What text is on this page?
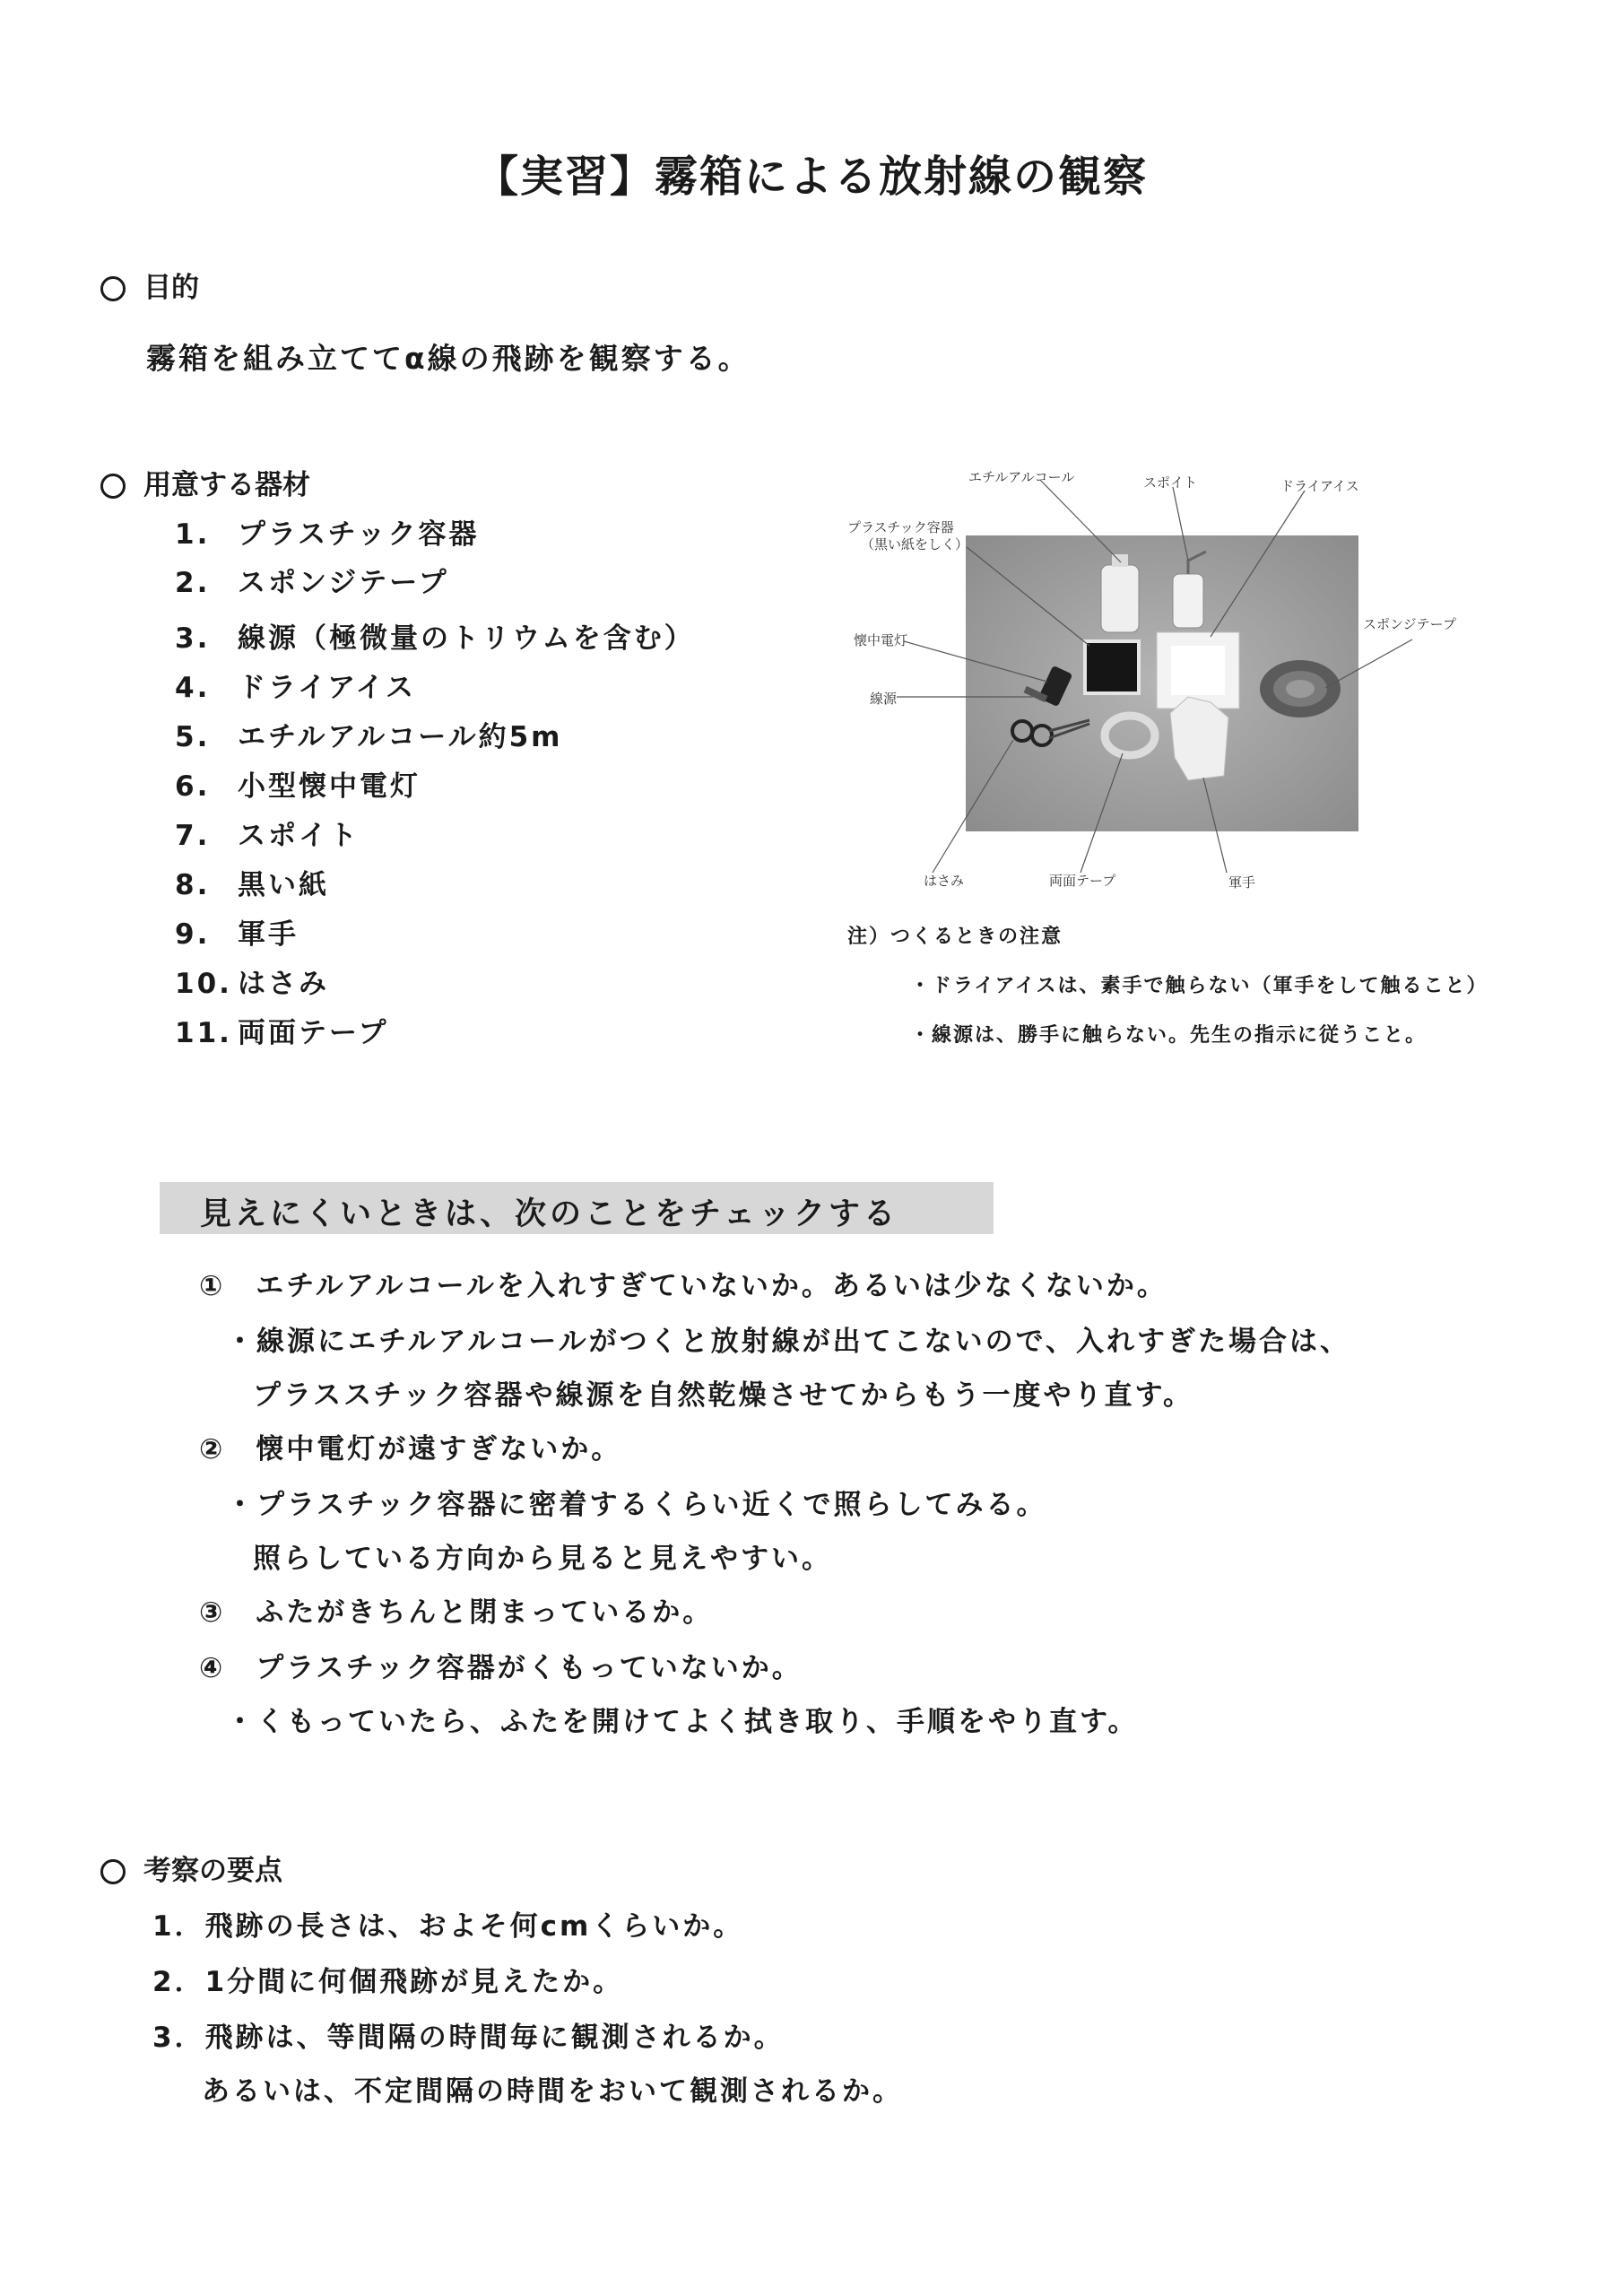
【実習】霧箱による放射線の観察
目的
霧箱を組み立ててα線の飛跡を観察する。
用意する器材
1. プラスチック容器
2. スポンジテープ
3. 線源（極微量のトリウムを含む）
4. ドライアイス
5. エチルアルコール約5m
6. 小型懐中電灯
7. スポイト
8. 黒い紙
9. 軍手
10. はさみ
11. 両面テープ
エチルアルコール	スポイト	ドライアイス
プラスチック容器
（黒い紙をしく）
懐中電灯
線源
スポンジテープ
はさみ	両面テープ	軍手
注）つくるときの注意
・ドライアイスは、素手で触らない（軍手をして触ること）
・線源は、勝手に触らない。先生の指示に従うこと。
見えにくいときは、次のことをチェックする
①　エチルアルコールを入れすぎていないか。あるいは少なくないか。
・線源にエチルアルコールがつくと放射線が出てこないので、入れすぎた場合は、
プラススチック容器や線源を自然乾燥させてからもう一度やり直す。
②　懐中電灯が遠すぎないか。
・プラスチック容器に密着するくらい近くで照らしてみる。
照らしている方向から見ると見えやすい。
③　ふたがきちんと閉まっているか。
④　プラスチック容器がくもっていないか。
・くもっていたら、ふたを開けてよく拭き取り、手順をやり直す。
考察の要点
1．飛跡の長さは、およそ何cmくらいか。
2．1分間に何個飛跡が見えたか。
3．飛跡は、等間隔の時間毎に観測されるか。
あるいは、不定間隔の時間をおいて観測されるか。
